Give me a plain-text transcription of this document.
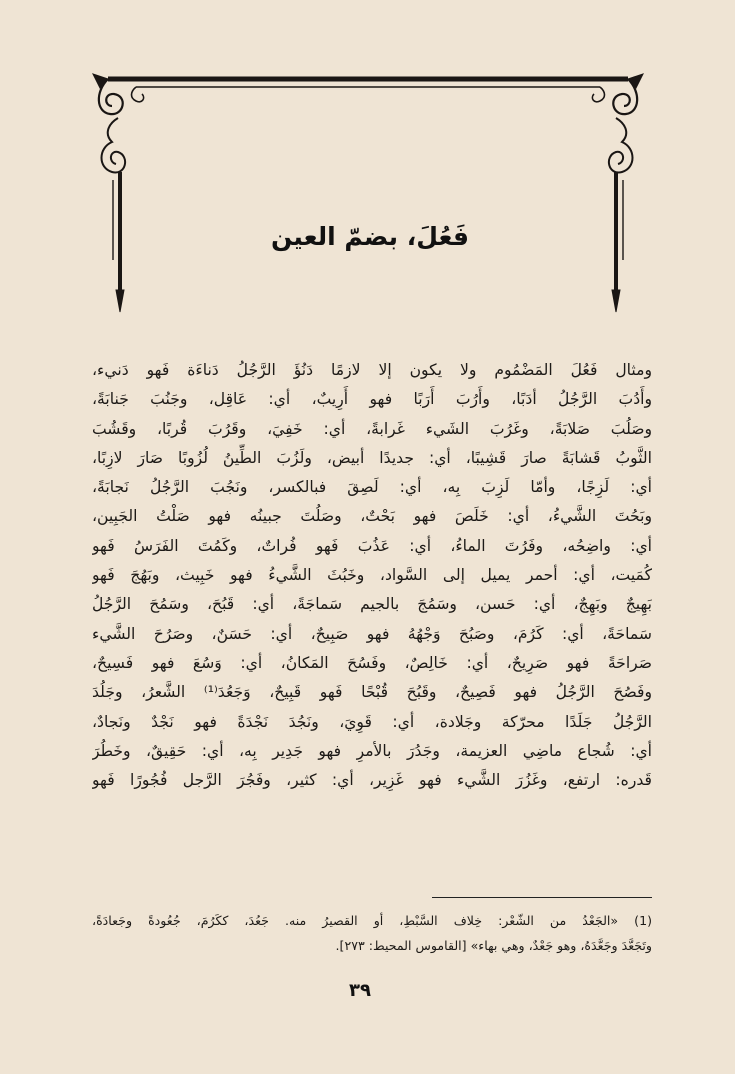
فَعُلَ، بضمّ العين

ومثال فَعُلَ المَضْمُوم ولا يكون إلا لازمًا دَنُؤَ الرَّجُلُ دَناءَة فَهو دَنيء،
وأَدُبَ الرَّجُلُ أدَبًا، وأَرُبَ أَرَبًا فهو أَرِيبٌ، أي: عَاقِل، وجَنُبَ جَنابَةً،
وصَلُبَ صَلابَةً، وغَرُبَ الشَيء غَرابةً، أي: خَفِيَ، وقَرُبَ قُربًا، وقَشُبَ
الثَّوبُ قَشابَةً صارَ قَشِيبًا، أي: جديدًا أبيض، ولَزُبَ الطِّينُ لُزُوبًا صَارَ لازِبًا،
أي: لَزِجًا، وأمّا لَزِبَ بِه، أي: لَصِقَ فبالكسر، ونَجُبَ الرَّجُلُ نَجابَةً،
وبَحُتَ الشَّيءُ، أي: خَلَصَ فهو بَحْتٌ، وصَلُتَ جبينُه فهو صَلْتُ الجَبِين،
أي: واضِحُه، وفَرُتَ الماءُ، أي: عَذُبَ فَهو فُراتٌ، وكَمُتَ الفَرَسُ فَهو
كُمَيت، أي: أحمر يميل إلى السَّواد، وخَبُثَ الشَّيءُ فهو خَبِيث، وبَهُجَ فَهو
بَهِيجٌ وبَهِجٌ، أي: حَسن، وسَمُجَ بالجيم سَماجَةً، أي: قَبُحَ، وسَمُحَ الرَّجُلُ
سَماحَةً، أي: كَرُمَ، وصَبُحَ وَجْهُهُ فهو صَبِيحٌ، أي: حَسَنٌ، وصَرُحَ الشَّيء
صَراحَةً فهو صَرِيحٌ، أي: خَالِصٌ، وفَسُحَ المَكانُ، أي: وَسُعَ فهو فَسِيحٌ،
وفَصُحَ الرَّجُلُ فهو فَصِيحٌ، وقَبُحَ قُبْحًا فَهو قَبِيحٌ، وَجَعُدَ⁽¹⁾ الشَّعرُ، وجَلُدَ
الرَّجُلُ جَلَدًا محرّكة وجَلادة، أي: قَوِيَ، ونَجُدَ نَجْدَةً فهو نَجْدٌ ونَجادٌ،
أي: شُجاع ماضِي العزيمة، وجَدُرَ بالأمرِ فهو جَدِير بِه، أي: حَقِيقٌ، وخَطُرَ
قَدره: ارتفع، وغَزُرَ الشَّيء فهو غَزِير، أي: كثير، وفَجُرَ الرَّجل فُجُورًا فَهو

(1) «الجَعْدُ من الشّعْر: خِلاف السَّبْطِ، أو القصيرُ منه. جَعُدَ، ككَرُمَ، جُعُودةً وجَعادَةً،
وتَجَعَّدَ وجَعَّدَهُ، وهو جَعْدٌ، وهي بهاء» [القاموس المحيط: ٢٧٣].

٣٩
